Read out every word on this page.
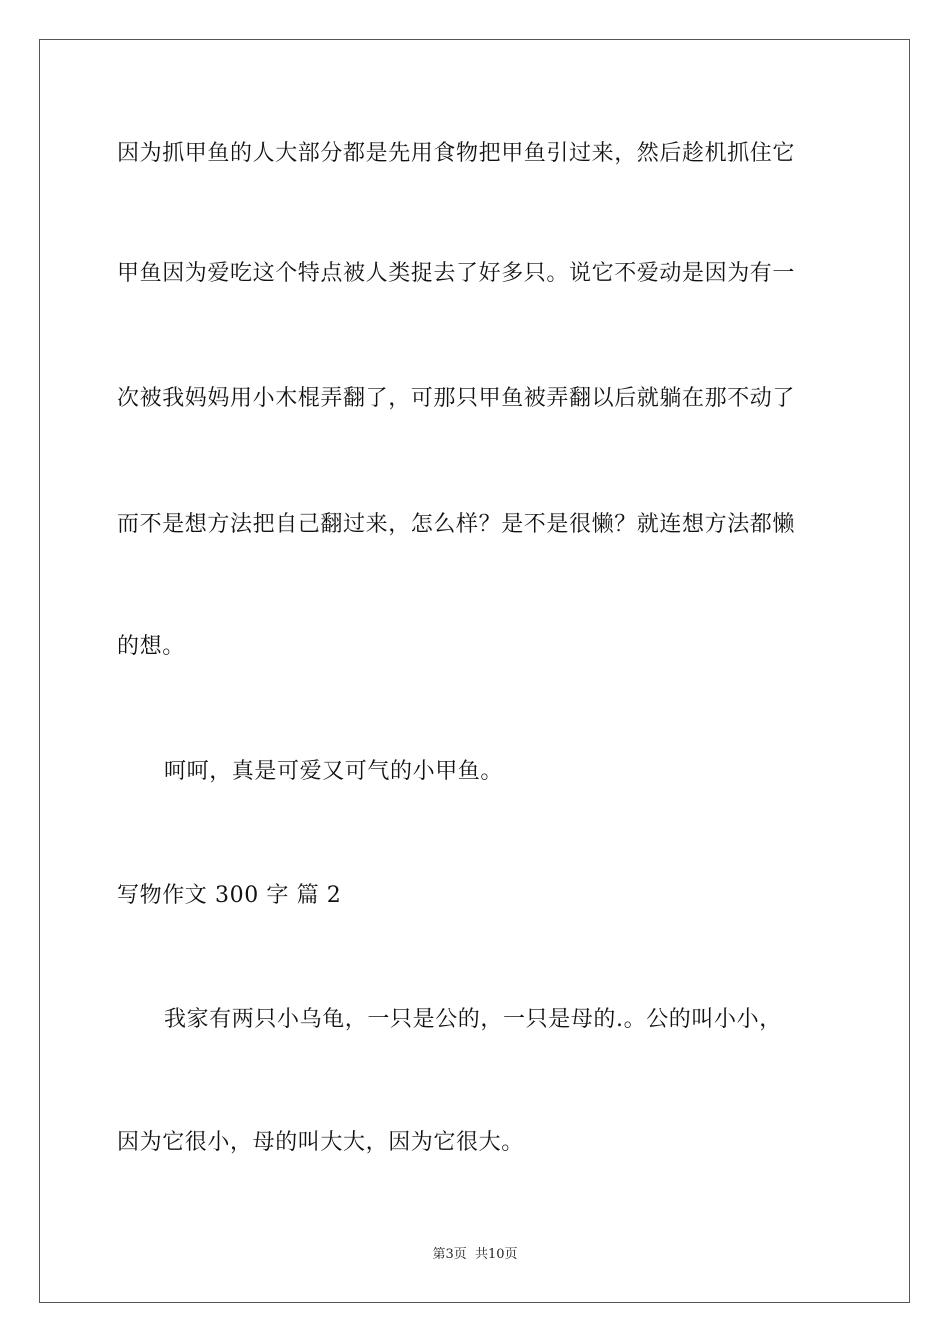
因为抓甲鱼的人大部分都是先用食物把甲鱼引过来，然后趁机抓住它
甲鱼因为爱吃这个特点被人类捉去了好多只。说它不爱动是因为有一
次被我妈妈用小木棍弄翻了，可那只甲鱼被弄翻以后就躺在那不动了
而不是想方法把自己翻过来，怎么样？是不是很懒？就连想方法都懒
的想。
呵呵，真是可爱又可气的小甲鱼。
写物作文 300 字 篇 2
我家有两只小乌龟，一只是公的，一只是母的.。公的叫小小，
因为它很小，母的叫大大，因为它很大。
第3页 共10页
